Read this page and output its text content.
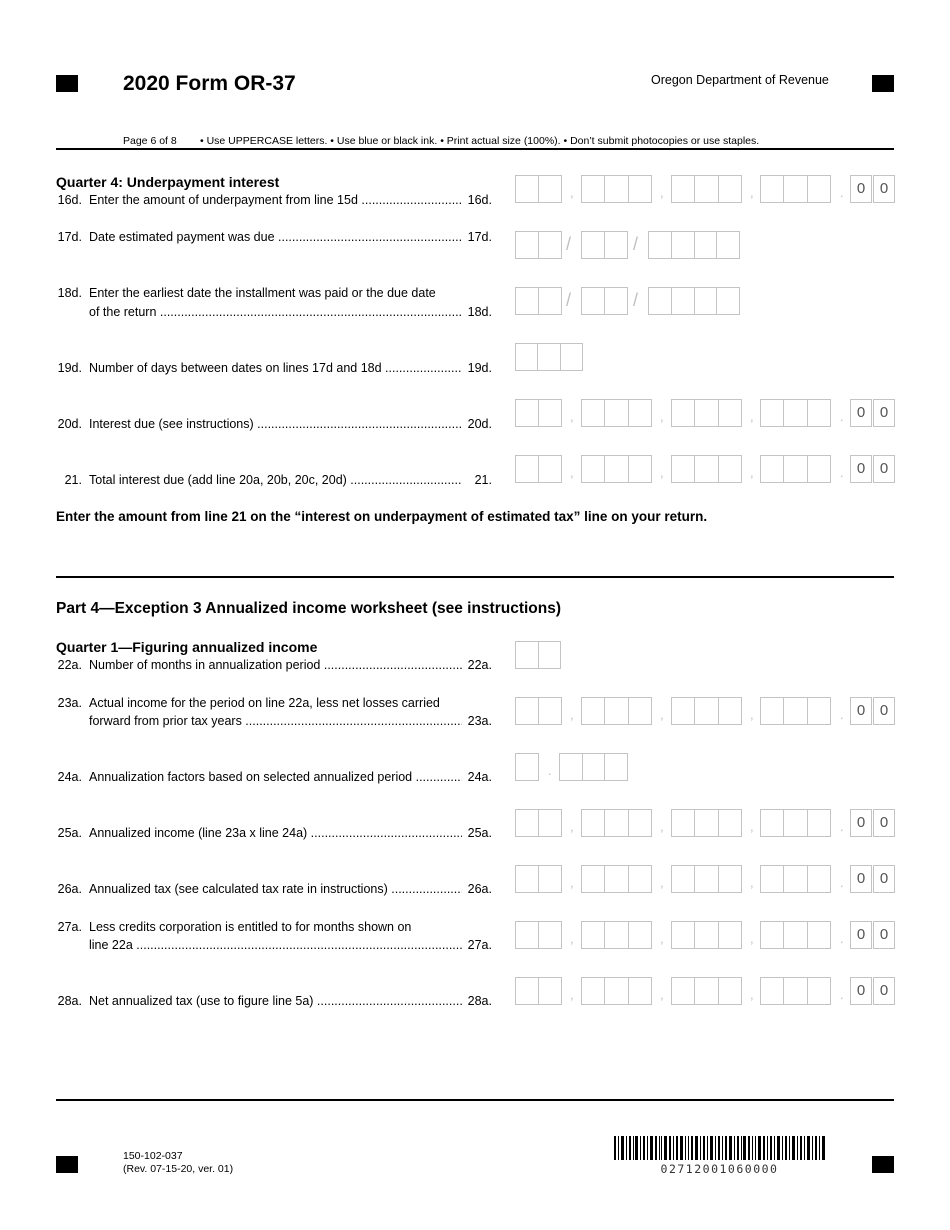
2020 Form OR-37	Oregon Department of Revenue
Page 6 of 8 • Use UPPERCASE letters. • Use blue or black ink. • Print actual size (100%). • Don’t submit photocopies or use staples.
Quarter 4: Underpayment interest
16d. Enter the amount of underpayment from line 15d .....	16d.	,	,	,	. 0 0
17d. Date estimated payment was due .....	17d.	/	/
18d. Enter the earliest date the installment was paid or the due date
of the return .....	18d.
/	/
19d. Number of days between dates on lines 17d and 18d .....	19d.
20d. Interest due (see instructions) .....	20d.	,	,	,	. 0 0
21. Total interest due (add line 20a, 20b, 20c, 20d) .....	21.	,	,	,	. 0 0
Enter the amount from line 21 on the “interest on underpayment of estimated tax” line on your return.
Part 4—Exception 3 Annualized income worksheet (see instructions)
Quarter 1—Figuring annualized income
22a. Number of months in annualization period .....	22a.
23a. Actual income for the period on line 22a, less net losses carried
forward from prior tax years .....	23a.	,	,	,	. 0 0
24a. Annualization factors based on selected annualized period .....	24a.	.
25a. Annualized income (line 23a x line 24a) .....	25a.	,	,	,	. 0 0
26a. Annualized tax (see calculated tax rate in instructions) .....	26a.	,	,	,	. 0 0
27a. Less credits corporation is entitled to for months shown on
line 22a .....	27a.	,	,	,	. 0 0
28a. Net annualized tax (use to figure line 5a) .....	28a.	,	,	,	. 0 0
150-102-037
(Rev. 07-15-20, ver. 01)	02712001060000
